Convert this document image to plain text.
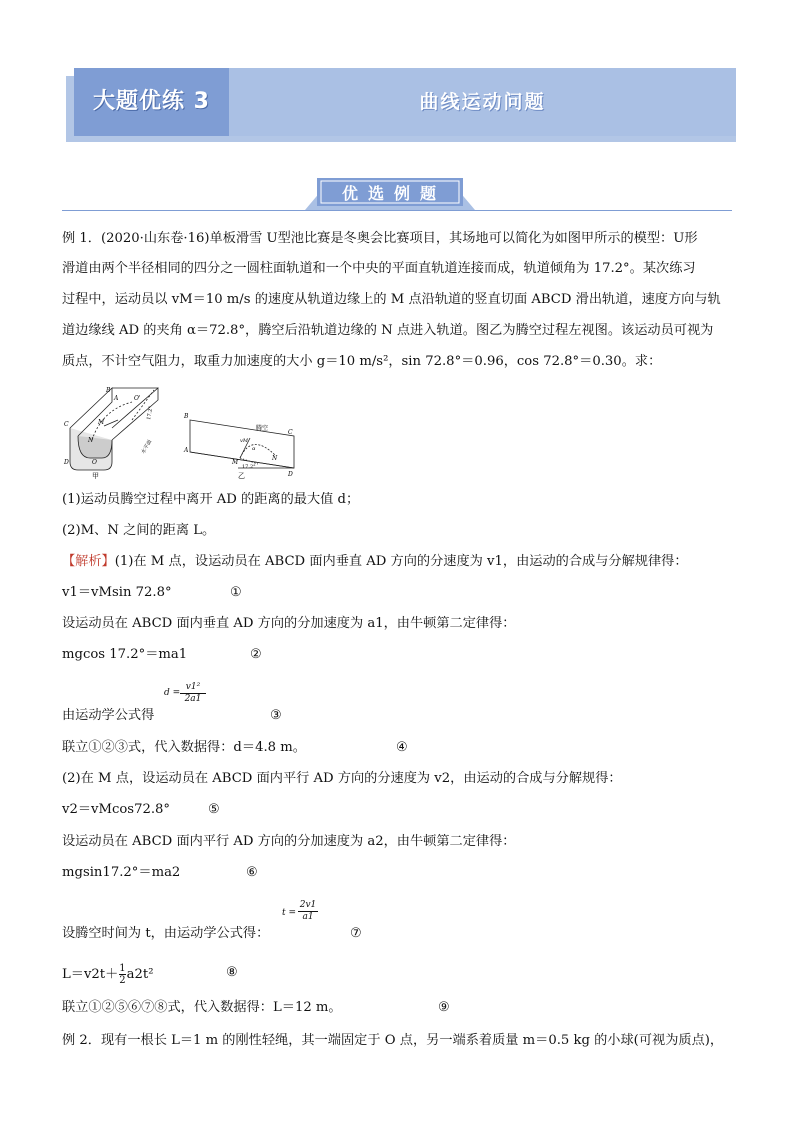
大题优练 3	曲线运动问题
优选例题
例 1．(2020·山东卷·16)单板滑雪 U型池比赛是冬奥会比赛项目，其场地可以简化为如图甲所示的模型：U形
滑道由两个半径相同的四分之一圆柱面轨道和一个中央的平面直轨道连接而成，轨道倾角为 17.2°。某次练习
过程中，运动员以 vM＝10 m/s 的速度从轨道边缘上的 M 点沿轨道的竖直切面 ABCD 滑出轨道，速度方向与轨
道边缘线 AD 的夹角 α＝72.8°，腾空后沿轨道边缘的 N 点进入轨道。图乙为腾空过程左视图。该运动员可视为
质点，不计空气阻力，取重力加速度的大小 g＝10 m/s²，sin 72.8°＝0.96，cos 72.8°＝0.30。求：
B
A
C
D
M
N
O
O'
17.2°
水平面
甲
B
A
C
D
M
N
vM
α
腾空
17.2°
乙
(1)运动员腾空过程中离开 AD 的距离的最大值 d；
(2)M、N 之间的距离 L。
【解析】(1)在 M 点，设运动员在 ABCD 面内垂直 AD 方向的分速度为 v1，由运动的合成与分解规律得：
v1＝vMsin 72.8°	①
设运动员在 ABCD 面内垂直 AD 方向的分加速度为 a1，由牛顿第二定律得：
mgcos 17.2°＝ma1	②
由运动学公式得
$d = \frac{\text{v1²}}{2a1}$
③
联立①②③式，代入数据得：d＝4.8 m。	④
(2)在 M 点，设运动员在 ABCD 面内平行 AD 方向的分速度为 v2，由运动的合成与分解规得：
v2＝vMcos72.8°	⑤
设运动员在 ABCD 面内平行 AD 方向的分加速度为 a2，由牛顿第二定律得：
mgsin17.2°＝ma2	⑥
设腾空时间为 t，由运动学公式得：
$t = \frac{2v1}{a1}$
⑦
$L=v2t+ \frac{1}{2} a2t^2$	⑧
联立①②⑤⑥⑦⑧式，代入数据得：L＝12 m。	⑨
例 2．现有一根长 L＝1 m 的刚性轻绳，其一端固定于 O 点，另一端系着质量 m＝0.5 kg 的小球(可视为质点)，
